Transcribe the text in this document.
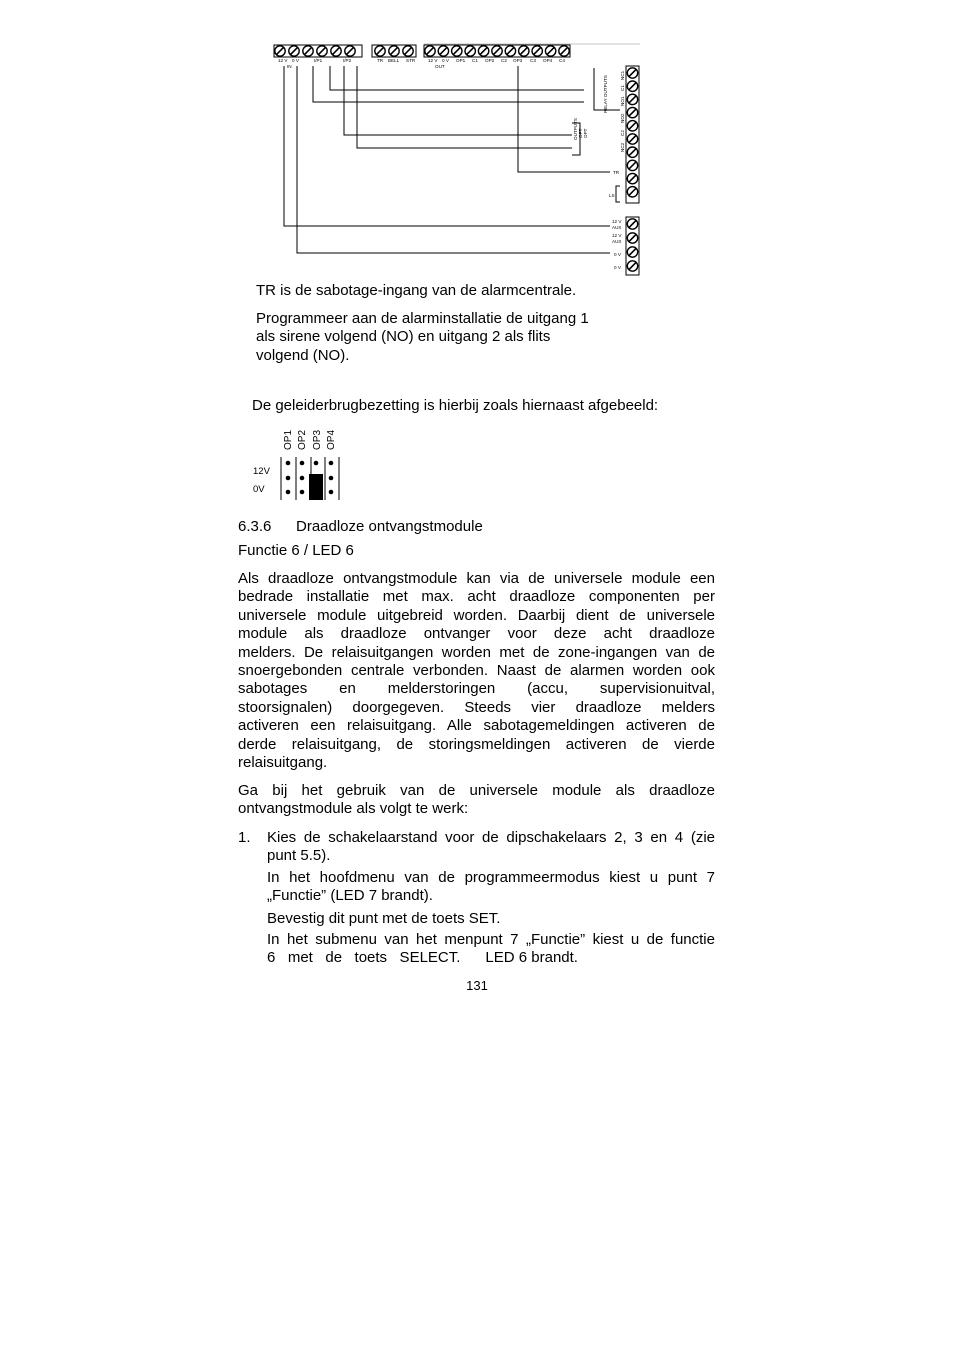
12 V 0 V
IN
I/P1	I/P2	TR BELL STR	12 V 0 V
OUT
OP1 C1 OP2 C2 OP3 C3 OP4 C4
NC1
C1
NO1
NO2
C2
NC2
RELAY OUTPUTS
OPT
OPT
OUTPUTS
TR
LS
12 V
AUX
12 V
AUX
0 V
0 V
TR is de sabotage-ingang van de alarmcentrale.
Programmeer aan de alarminstallatie de uitgang 1
als sirene volgend (NO) en uitgang 2 als flits
volgend (NO).
De geleiderbrugbezetting is hierbij zoals hiernaast afgebeeld:
OP1 OP2 OP3 OP4
12V
0V
6.3.6 Draadloze ontvangstmodule
Functie 6 / LED 6
Als draadloze ontvangstmodule kan via de universele module een
bedrade installatie met max. acht draadloze componenten per
universele module uitgebreid worden. Daarbij dient de universele
module als draadloze ontvanger voor deze acht draadloze
melders. De relaisuitgangen worden met de zone-ingangen van de
snoergebonden centrale verbonden. Naast de alarmen worden ook
sabotages en melderstoringen (accu, supervisionuitval,
stoorsignalen) doorgegeven. Steeds vier draadloze melders
activeren een relaisuitgang. Alle sabotagemeldingen activeren de
derde relaisuitgang, de storingsmeldingen activeren de vierde
relaisuitgang.
Ga bij het gebruik van de universele module als draadloze
ontvangstmodule als volgt te werk:
1. Kies de schakelaarstand voor de dipschakelaars 2, 3 en 4 (zie
punt 5.5).
In het hoofdmenu van de programmeermodus kiest u punt 7
„Functie” (LED 7 brandt).
Bevestig dit punt met de toets SET.
In het submenu van het menpunt 7 „Functie” kiest u de functie
6   met   de   toets   SELECT.      LED 6 brandt.
131
